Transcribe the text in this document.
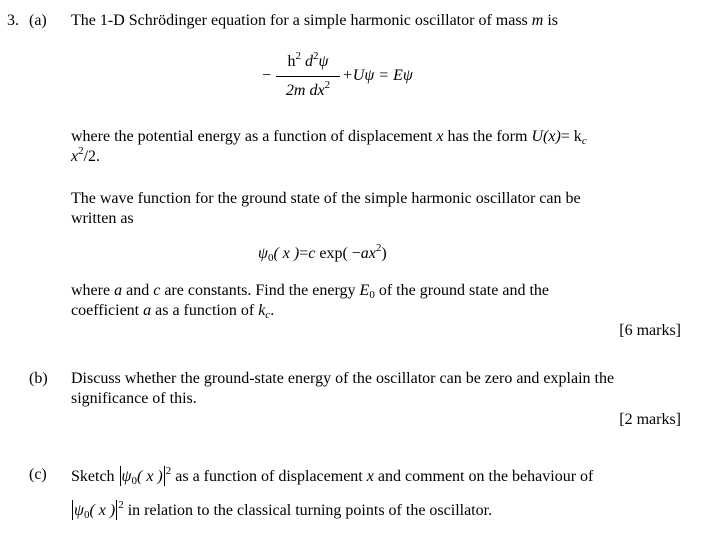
3. (a) The 1-D Schrödinger equation for a simple harmonic oscillator of mass m is
−
$h^2$ $d^2\psi$
2m $dx^2$
+Uψ = Eψ
where the potential energy as a function of displacement x has the form $U(x)= k_c$
$x^2/2$.
The wave function for the ground state of the simple harmonic oscillator can be
written as
$\psi_0$( x )=c $\exp( -ax^2)$
where a and c are constants. Find the energy $E_0$ of the ground state and the
coefficient a as a function of $k_c$.
[6 marks]
(b) Discuss whether the ground-state energy of the oscillator can be zero and explain the
significance of this.
[2 marks]
(c) Sketch $\psi_0$( x ) $^2$ as a function of displacement x and comment on the behaviour of
$\psi_0$( x ) $^2$ in relation to the classical turning points of the oscillator.
